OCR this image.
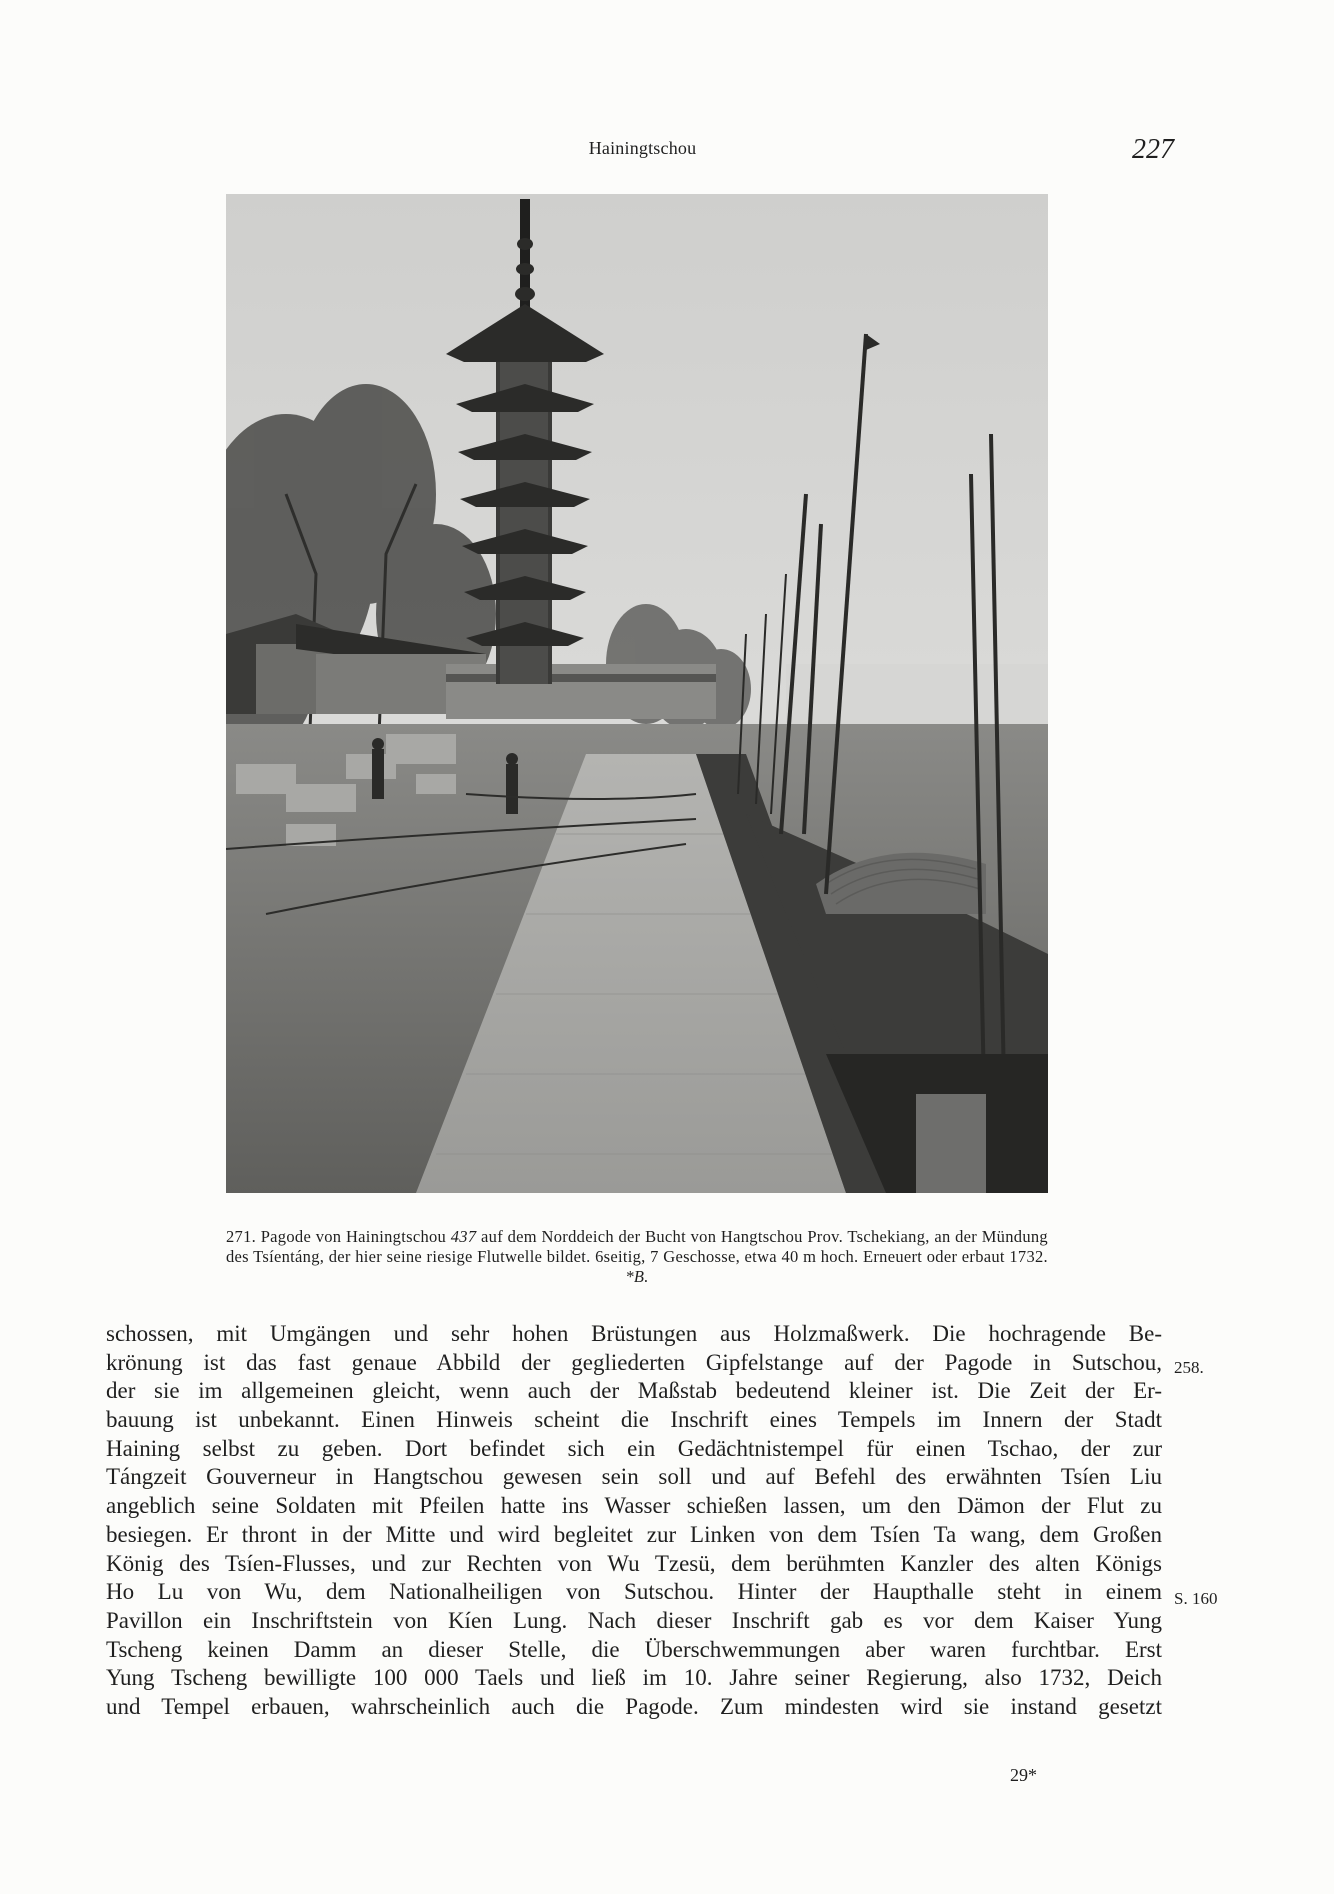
Hainingtschou	227
271. Pagode von Hainingtschou 437 auf dem Norddeich der Bucht von Hangtschou Prov. Tschekiang, an der Mündung des Tsíentáng, der hier seine riesige Flutwelle bildet. 6seitig, 7 Geschosse, etwa 40 m hoch. Erneuert oder erbaut 1732. *B.
schossen, mit Umgängen und sehr hohen Brüstungen aus Holzmaßwerk. Die hochragende Be-
krönung ist das fast genaue Abbild der gegliederten Gipfelstange auf der Pagode in Sutschou,
der sie im allgemeinen gleicht, wenn auch der Maßstab bedeutend kleiner ist. Die Zeit der Er-
bauung ist unbekannt. Einen Hinweis scheint die Inschrift eines Tempels im Innern der Stadt
Haining selbst zu geben. Dort befindet sich ein Gedächtnistempel für einen Tschao, der zur
Tángzeit Gouverneur in Hangtschou gewesen sein soll und auf Befehl des erwähnten Tsíen Liu
angeblich seine Soldaten mit Pfeilen hatte ins Wasser schießen lassen, um den Dämon der Flut zu
besiegen. Er thront in der Mitte und wird begleitet zur Linken von dem Tsíen Ta wang, dem Großen
König des Tsíen-Flusses, und zur Rechten von Wu Tzesü, dem berühmten Kanzler des alten Königs
Ho Lu von Wu, dem Nationalheiligen von Sutschou. Hinter der Haupthalle steht in einem
Pavillon ein Inschriftstein von Kíen Lung. Nach dieser Inschrift gab es vor dem Kaiser Yung
Tscheng keinen Damm an dieser Stelle, die Überschwemmungen aber waren furchtbar. Erst
Yung Tscheng bewilligte 100 000 Taels und ließ im 10. Jahre seiner Regierung, also 1732, Deich
und Tempel erbauen, wahrscheinlich auch die Pagode. Zum mindesten wird sie instand gesetzt
258.
S. 160
29*
